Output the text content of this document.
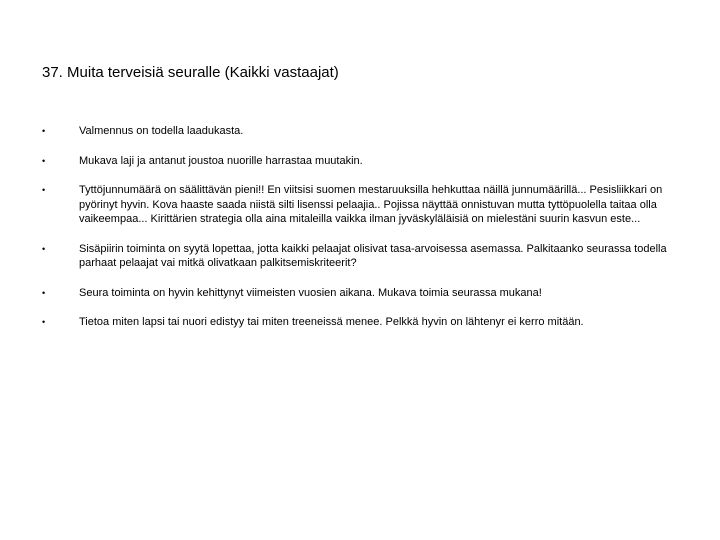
37. Muita terveisiä seuralle (Kaikki vastaajat)
•	Valmennus on todella laadukasta.
•	Mukava laji ja antanut joustoa nuorille harrastaa muutakin.
•	Tyttöjunnumäärä on säälittävän pieni!! En viitsisi suomen mestaruuksilla hehkuttaa näillä junnumäärillä... Pesisliikkari on pyörinyt hyvin. Kova haaste saada niistä silti lisenssi pelaajia.. Pojissa näyttää onnistuvan mutta tyttöpuolella taitaa olla vaikeempaa... Kirittärien strategia olla aina mitaleilla vaikka ilman jyväskyläläisiä on mielestäni suurin kasvun este...
•	Sisäpiirin toiminta on syytä lopettaa, jotta kaikki pelaajat olisivat tasa-arvoisessa asemassa. Palkitaanko seurassa todella parhaat pelaajat vai mitkä olivatkaan palkitsemiskriteerit?
•	Seura toiminta on hyvin kehittynyt viimeisten vuosien aikana. Mukava toimia seurassa mukana!
•	Tietoa miten lapsi tai nuori edistyy tai miten treeneissä menee. Pelkkä hyvin on lähtenyr ei kerro mitään.
